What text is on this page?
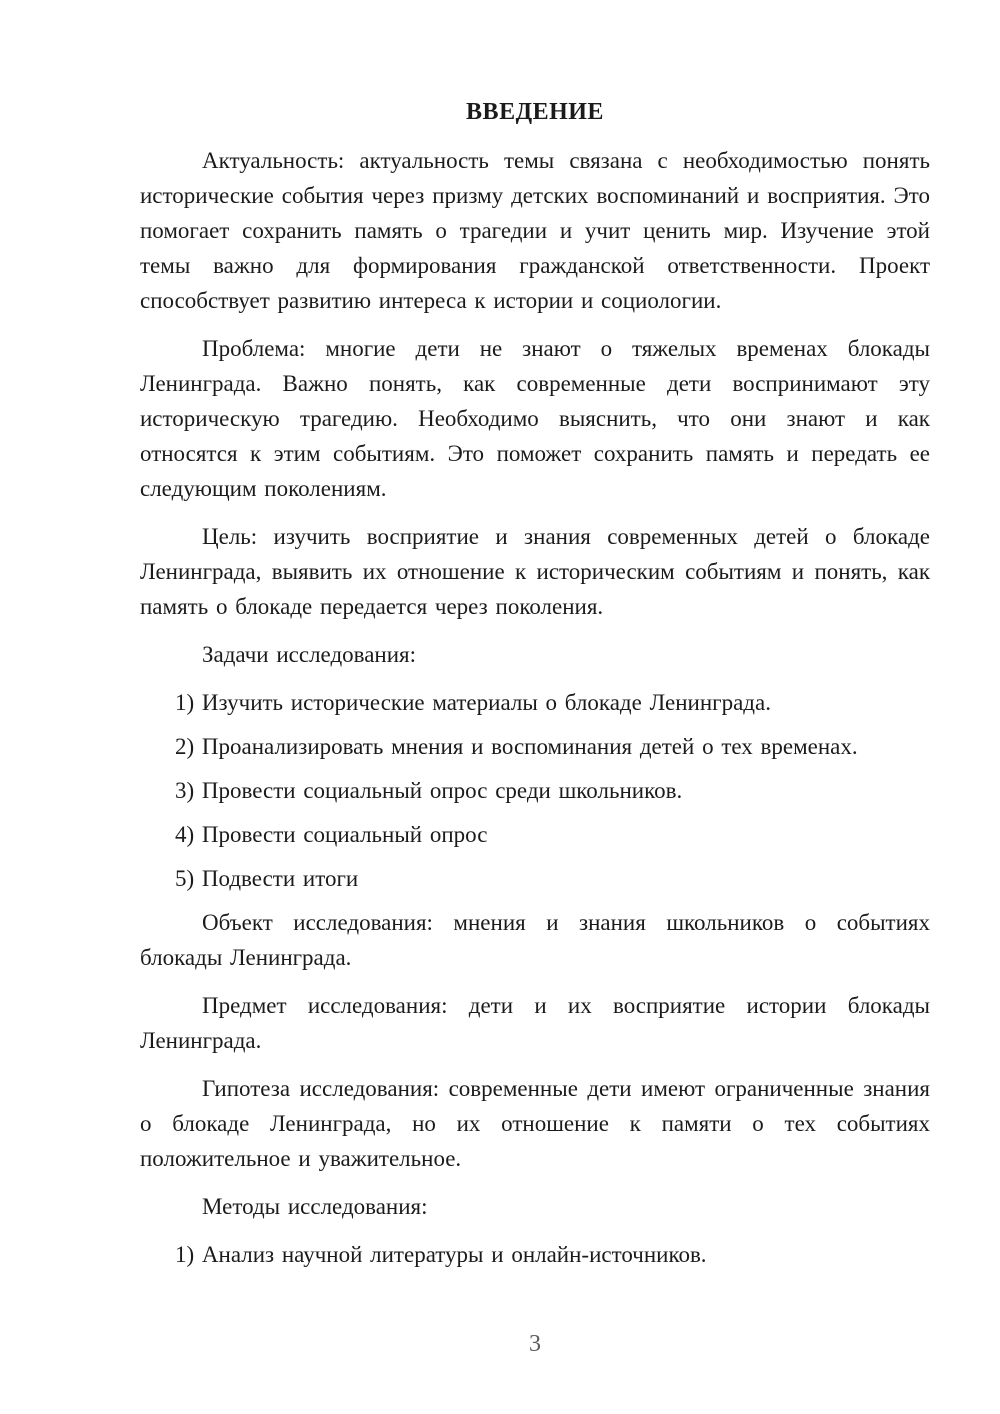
ВВЕДЕНИЕ

Актуальность: актуальность темы связана с необходимостью понять исторические события через призму детских воспоминаний и восприятия. Это помогает сохранить память о трагедии и учит ценить мир. Изучение этой темы важно для формирования гражданской ответственности. Проект способствует развитию интереса к истории и социологии.

Проблема: многие дети не знают о тяжелых временах блокады Ленинграда. Важно понять, как современные дети воспринимают эту историческую трагедию. Необходимо выяснить, что они знают и как относятся к этим событиям. Это поможет сохранить память и передать ее следующим поколениям.

Цель: изучить восприятие и знания современных детей о блокаде Ленинграда, выявить их отношение к историческим событиям и понять, как память о блокаде передается через поколения.

Задачи исследования:

1) Изучить исторические материалы о блокаде Ленинграда.

2) Проанализировать мнения и воспоминания детей о тех временах.

3) Провести социальный опрос среди школьников.

4) Провести социальный опрос

5) Подвести итоги

Объект исследования: мнения и знания школьников о событиях блокады Ленинграда.

Предмет исследования: дети и их восприятие истории блокады Ленинграда.

Гипотеза исследования: современные дети имеют ограниченные знания о блокаде Ленинграда, но их отношение к памяти о тех событиях положительное и уважительное.

Методы исследования:

1) Анализ научной литературы и онлайн-источников.

3
